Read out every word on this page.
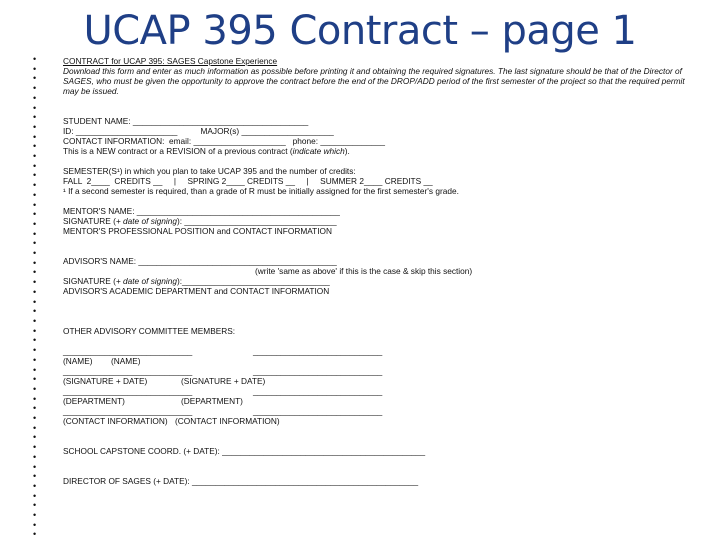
UCAP 395 Contract – page 1
•
•
•
•
•
•
•
•
•
•
•
•
•
•
•
•
•
•
•
•
•
•
•
•
•
•
•
•
•
•
•
•
•
•
•
•
•
•
•
•
•
•
•
•
•
•
•
•
•
•
CONTRACT for UCAP 395: SAGES Capstone Experience
Download this form and enter as much information as possible before printing it and obtaining the required signatures. The last signature should be that of the Director of SAGES, who must be given the opportunity to approve the contract before the end of the DROP/ADD period of the first semester of the project so that the required permit may be issued.
STUDENT NAME: ______________________________________
ID: ______________________          MAJOR(s) ____________________
CONTACT INFORMATION:  email: ____________________   phone: ______________
This is a NEW contract or a REVISION of a previous contract (indicate which).
SEMESTER(S¹) in which you plan to take UCAP 395 and the number of credits:
FALL  2____  CREDITS __     |     SPRING 2____ CREDITS __     |     SUMMER 2____ CREDITS __
¹ If a second semester is required, than a grade of R must be initially assigned for the first semester's grade.
MENTOR'S NAME: ____________________________________________
SIGNATURE (+ date of signing): _________________________________
MENTOR'S PROFESSIONAL POSITION and CONTACT INFORMATION
ADVISOR'S NAME: ___________________________________________
(write 'same as above' if this is the case & skip this section)
SIGNATURE (+ date of signing):________________________________
ADVISOR'S ACADEMIC DEPARTMENT and CONTACT INFORMATION
OTHER ADVISORY COMMITTEE MEMBERS:
____________________________	____________________________
(NAME) (NAME)
____________________________	____________________________
(SIGNATURE + DATE)	(SIGNATURE + DATE)
____________________________	____________________________
(DEPARTMENT)	(DEPARTMENT)
____________________________	____________________________
(CONTACT INFORMATION) (CONTACT INFORMATION)
SCHOOL CAPSTONE COORD. (+ DATE): ____________________________________________
DIRECTOR OF SAGES (+ DATE): _________________________________________________
